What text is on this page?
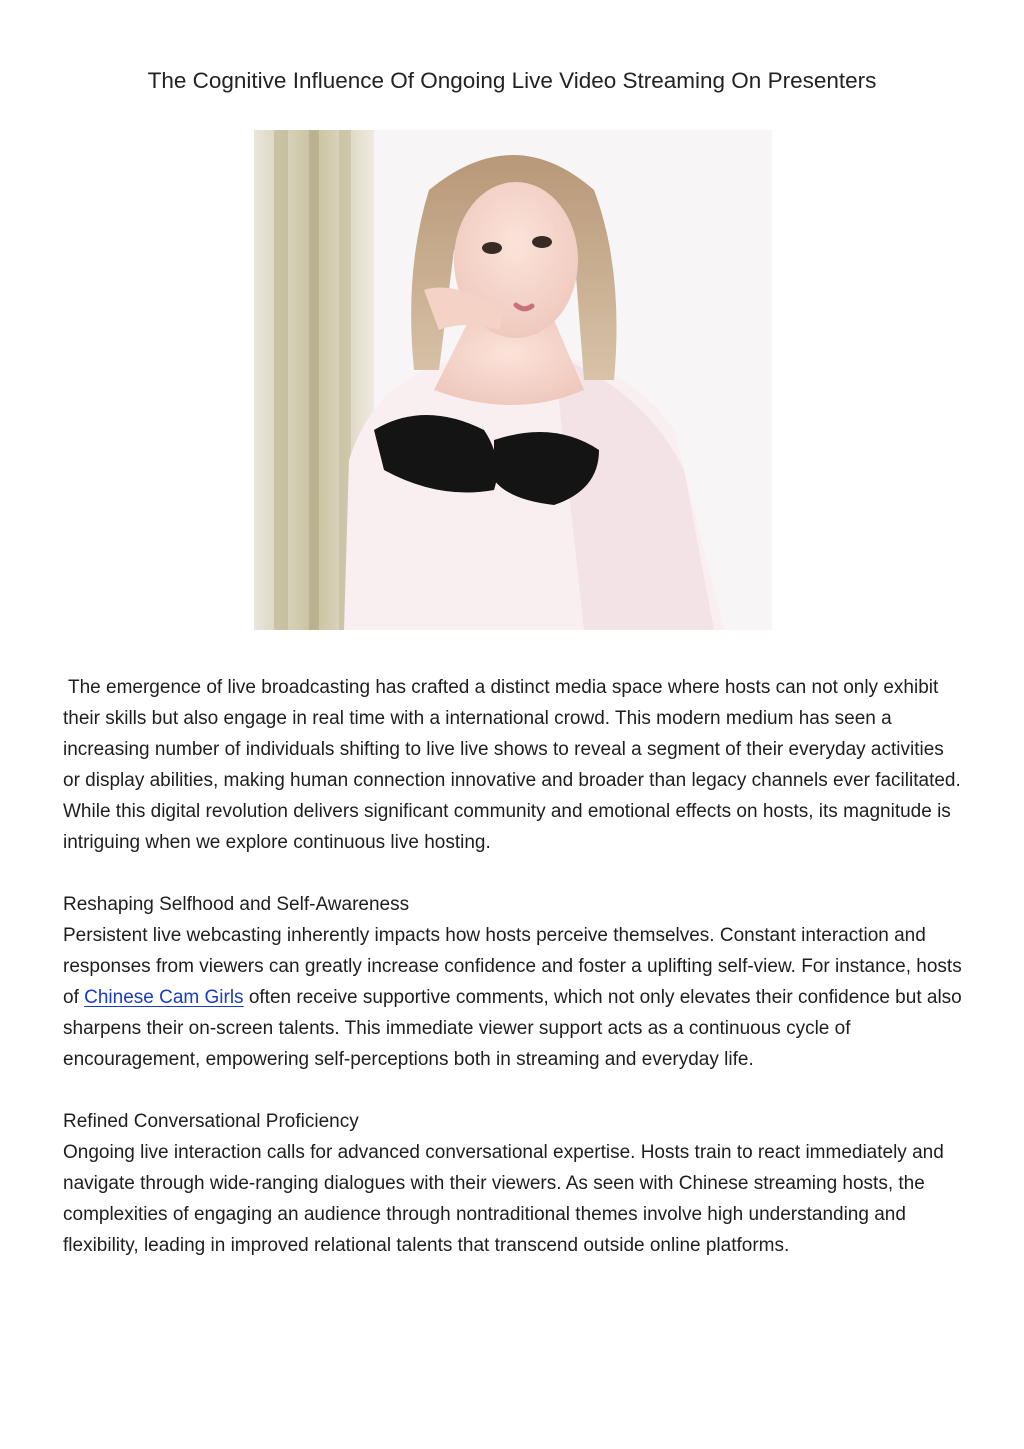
The Cognitive Influence Of Ongoing Live Video Streaming On Presenters

The emergence of live broadcasting has crafted a distinct media space where hosts can not only exhibit their skills but also engage in real time with a international crowd. This modern medium has seen a increasing number of individuals shifting to live live shows to reveal a segment of their everyday activities or display abilities, making human connection innovative and broader than legacy channels ever facilitated. While this digital revolution delivers significant community and emotional effects on hosts, its magnitude is intriguing when we explore continuous live hosting.

Reshaping Selfhood and Self-Awareness

Persistent live webcasting inherently impacts how hosts perceive themselves. Constant interaction and responses from viewers can greatly increase confidence and foster a uplifting self-view. For instance, hosts of Chinese Cam Girls often receive supportive comments, which not only elevates their confidence but also sharpens their on-screen talents. This immediate viewer support acts as a continuous cycle of encouragement, empowering self-perceptions both in streaming and everyday life.

Refined Conversational Proficiency

Ongoing live interaction calls for advanced conversational expertise. Hosts train to react immediately and navigate through wide-ranging dialogues with their viewers. As seen with Chinese streaming hosts, the complexities of engaging an audience through nontraditional themes involve high understanding and flexibility, leading in improved relational talents that transcend outside online platforms.
